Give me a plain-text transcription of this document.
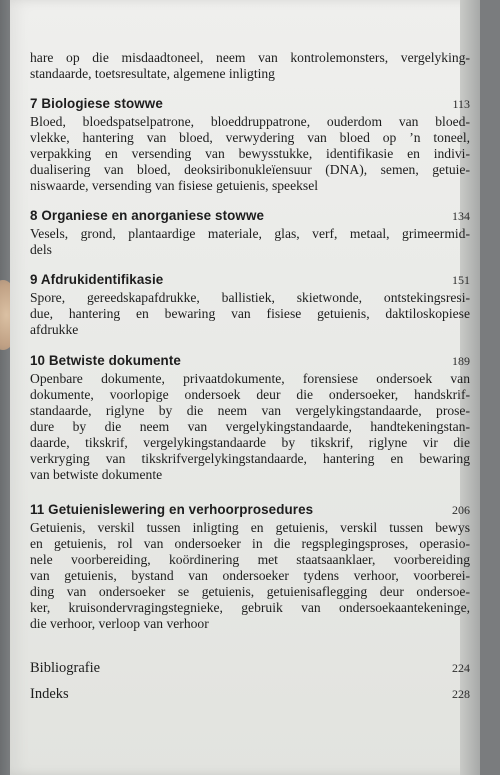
hare op die misdaadtoneel, neem van kontrolemonsters, vergelyking-
standaarde, toetsresultate, algemene inligting
7 Biologiese stowwe	113
Bloed, bloedspatselpatrone, bloeddruppatrone, ouderdom van bloed-
vlekke, hantering van bloed, verwydering van bloed op ’n toneel,
verpakking en versending van bewysstukke, identifikasie en indivi-
dualisering van bloed, deoksiribonukleïensuur (DNA), semen, getuie-
niswaarde, versending van fisiese getuienis, speeksel
8 Organiese en anorganiese stowwe	134
Vesels, grond, plantaardige materiale, glas, verf, metaal, grimeermid-
dels
9 Afdrukidentifikasie	151
Spore, gereedskapafdrukke, ballistiek, skietwonde, ontstekingsresi-
due, hantering en bewaring van fisiese getuienis, daktiloskopiese
afdrukke
10 Betwiste dokumente	189
Openbare dokumente, privaatdokumente, forensiese ondersoek van
dokumente, voorlopige ondersoek deur die ondersoeker, handskrif-
standaarde, riglyne by die neem van vergelykingstandaarde, prose-
dure by die neem van vergelykingstandaarde, handtekeningstan-
daarde, tikskrif, vergelykingstandaarde by tikskrif, riglyne vir die
verkryging van tikskrifvergelykingstandaarde, hantering en bewaring
van betwiste dokumente
11 Getuienislewering en verhoorprosedures	206
Getuienis, verskil tussen inligting en getuienis, verskil tussen bewys
en getuienis, rol van ondersoeker in die regsplegingsproses, operasio-
nele voorbereiding, koördinering met staatsaanklaer, voorbereiding
van getuienis, bystand van ondersoeker tydens verhoor, voorberei-
ding van ondersoeker se getuienis, getuienisaflegging deur ondersoe-
ker, kruisondervragingstegnieke, gebruik van ondersoekaantekeninge,
die verhoor, verloop van verhoor
Bibliografie	224
Indeks	228
